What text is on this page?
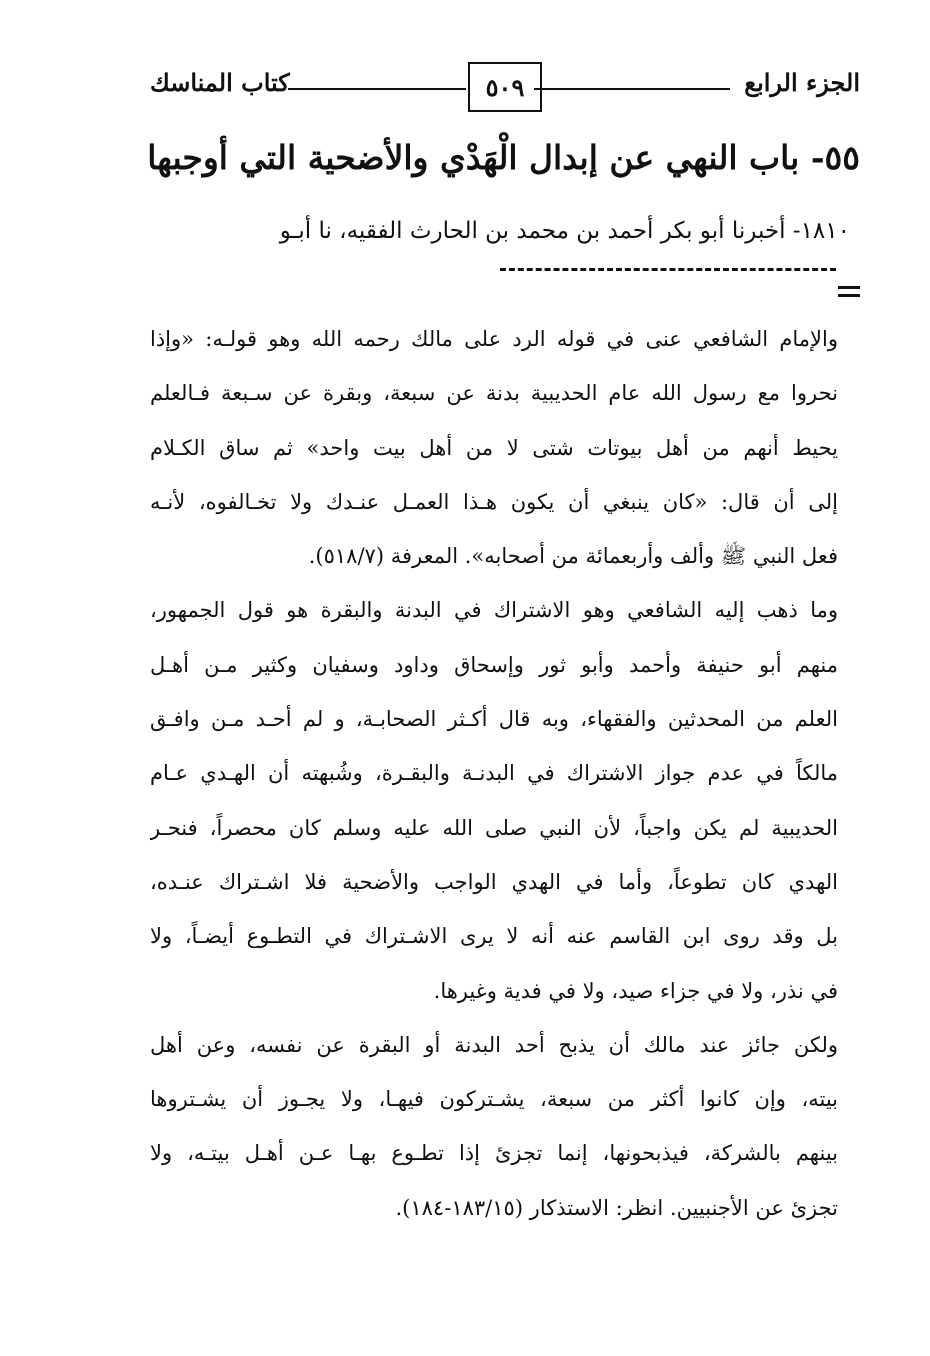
الجزء الرابع
٥٠٩
كتاب المناسك
٥٥- باب النهي عن إبدال الْهَدْي والأضحية التي أوجبها
١٨١٠- أخبرنا أبو بكر أحمد بن محمد بن الحارث الفقيه، نا أبـو
والإمام الشافعي عنى في قوله الرد على مالك رحمه الله وهو قولـه: «وإذا
نحروا مع رسول الله عام الحديبية بدنة عن سبعة، وبقرة عن سـبعة فـالعلم
يحيط أنهم من أهل بيوتات شتى لا من أهل بيت واحد» ثم ساق الكـلام
إلى أن قال: «كان ينبغي أن يكون هـذا العمـل عنـدك ولا تخـالفوه، لأنـه
فعل النبي ﷺ وألف وأربعمائة من أصحابه». المعرفة (٥١٨/٧).
وما ذهب إليه الشافعي وهو الاشتراك في البدنة والبقرة هو قول الجمهور،
منهم أبو حنيفة وأحمد وأبو ثور وإسحاق وداود وسفيان وكثير مـن أهـل
العلم من المحدثين والفقهاء، وبه قال أكـثر الصحابـة، و لم أحـد مـن وافـق
مالكاً في عدم جواز الاشتراك في البدنـة والبقـرة، وشُبهته أن الهـدي عـام
الحديبية لم يكن واجباً، لأن النبي صلى الله عليه وسلم كان محصراً، فنحـر
الهدي كان تطوعاً، وأما في الهدي الواجب والأضحية فلا اشـتراك عنـده،
بل وقد روى ابن القاسم عنه أنه لا يرى الاشـتراك في التطـوع أيضـاً، ولا
في نذر، ولا في جزاء صيد، ولا في فدية وغيرها.
ولكن جائز عند مالك أن يذبح أحد البدنة أو البقرة عن نفسه، وعن أهل
بيته، وإن كانوا أكثر من سبعة، يشـتركون فيهـا، ولا يجـوز أن يشـتروها
بينهم بالشركة، فيذبحونها، إنما تجزئ إذا تطـوع بهـا عـن أهـل بيتـه، ولا
تجزئ عن الأجنبيين. انظر: الاستذكار (١٨٣/١٥-١٨٤).
